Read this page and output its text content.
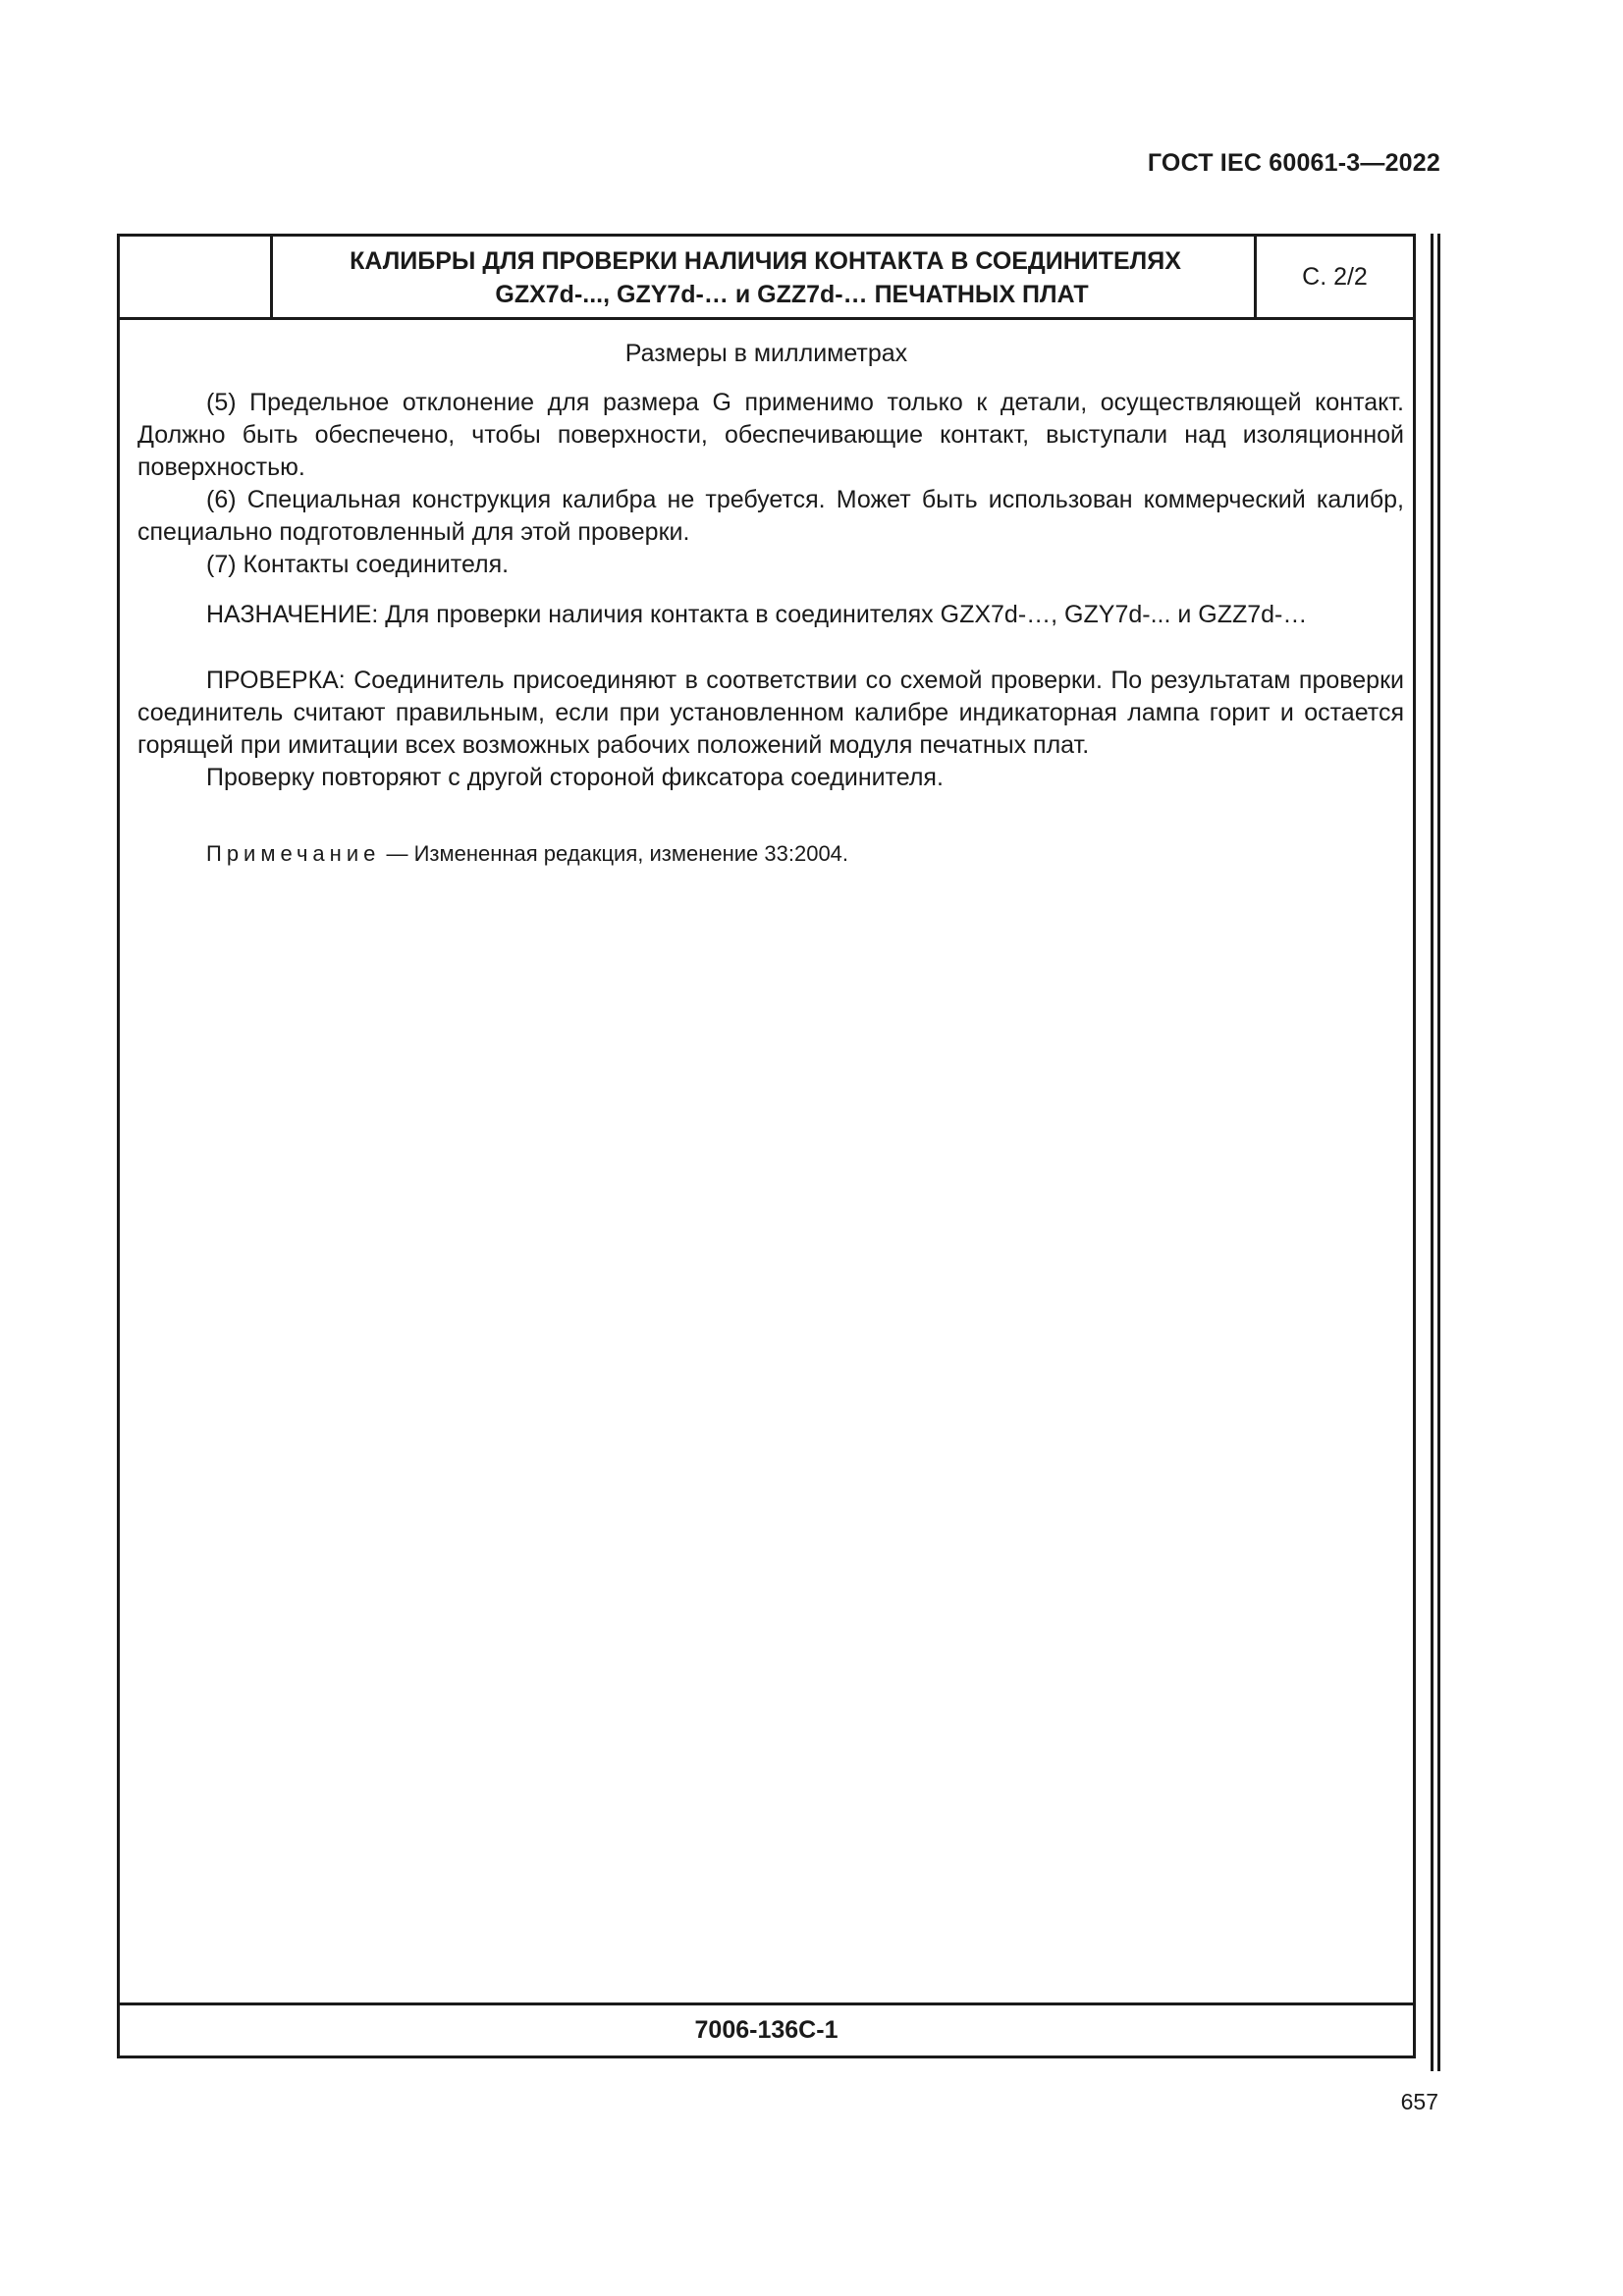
ГОСТ IEC 60061-3—2022
КАЛИБРЫ ДЛЯ ПРОВЕРКИ НАЛИЧИЯ КОНТАКТА В СОЕДИНИТЕЛЯХ
GZX7d-..., GZY7d-… и GZZ7d-… ПЕЧАТНЫХ ПЛАТ
С. 2/2
Размеры в миллиметрах

(5) Предельное отклонение для размера G применимо только к детали, осуществляющей контакт. Должно быть обеспечено, чтобы поверхности, обеспечивающие контакт, выступали над изоляционной поверхностью.

(6) Специальная конструкция калибра не требуется. Может быть использован коммерческий калибр, специально подготовленный для этой проверки.

(7) Контакты соединителя.

НАЗНАЧЕНИЕ: Для проверки наличия контакта в соединителях GZX7d-…, GZY7d-... и GZZ7d-…

ПРОВЕРКА: Соединитель присоединяют в соответствии со схемой проверки. По результатам проверки соединитель считают правильным, если при установленном калибре индикаторная лампа горит и остается горящей при имитации всех возможных рабочих положений модуля печатных плат.

Проверку повторяют с другой стороной фиксатора соединителя.

Примечание — Измененная редакция, изменение 33:2004.

7006-136С-1
657
